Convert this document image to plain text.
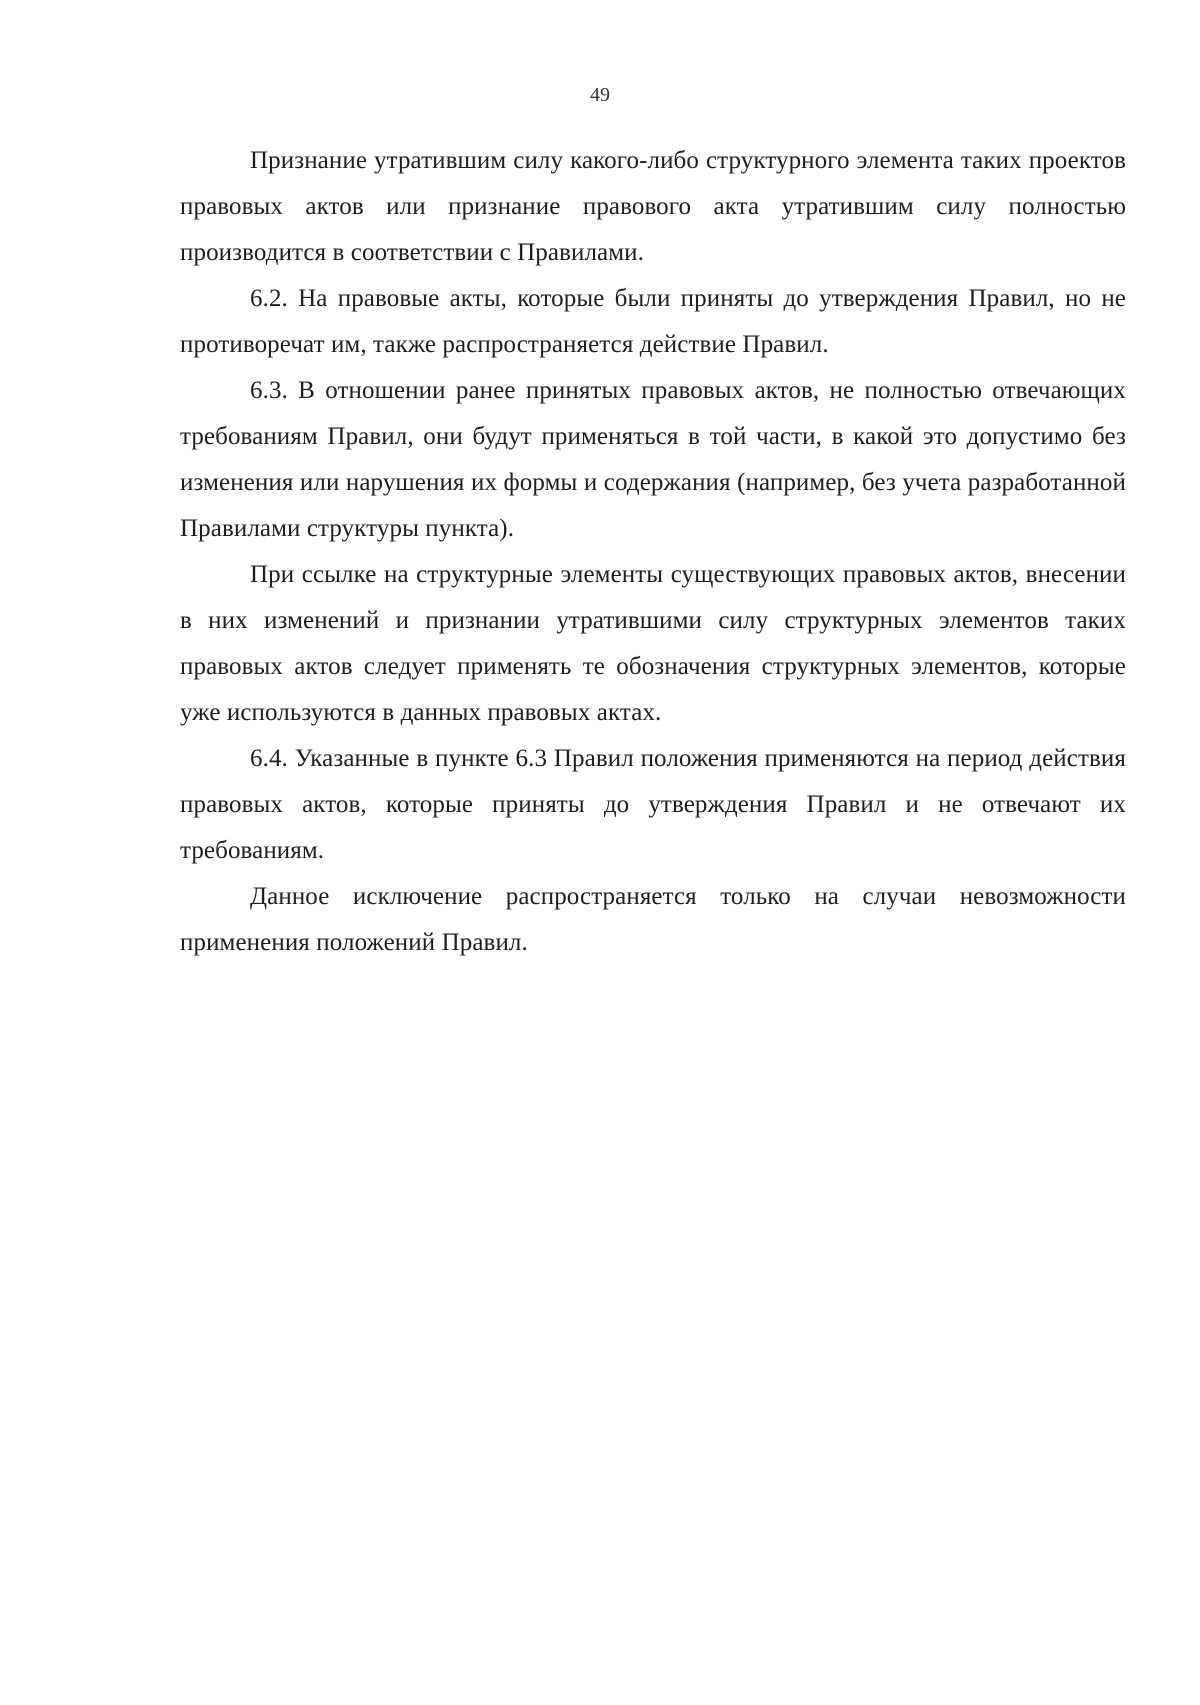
49

Признание утратившим силу какого-либо структурного элемента таких проектов правовых актов или признание правового акта утратившим силу полностью производится в соответствии с Правилами.

6.2. На правовые акты, которые были приняты до утверждения Правил, но не противоречат им, также распространяется действие Правил.

6.3. В отношении ранее принятых правовых актов, не полностью отвечающих требованиям Правил, они будут применяться в той части, в какой это допустимо без изменения или нарушения их формы и содержания (например, без учета разработанной Правилами структуры пункта).

При ссылке на структурные элементы существующих правовых актов, внесении в них изменений и признании утратившими силу структурных элементов таких правовых актов следует применять те обозначения структурных элементов, которые уже используются в данных правовых актах.

6.4. Указанные в пункте 6.3 Правил положения применяются на период действия правовых актов, которые приняты до утверждения Правил и не отвечают их требованиям.

Данное исключение распространяется только на случаи невозможности применения положений Правил.
